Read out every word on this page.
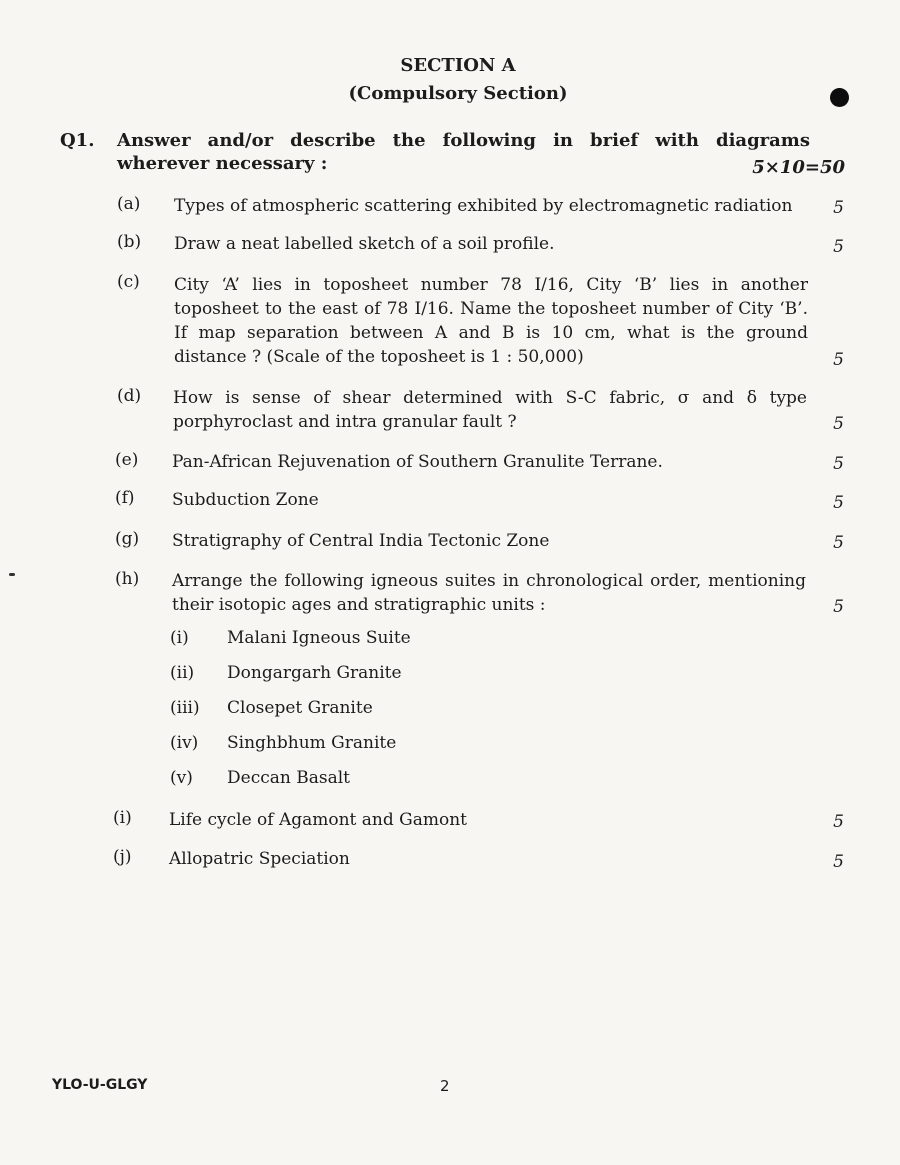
SECTION A
(Compulsory Section)
Q1. Answer and/or describe the following in brief with diagrams
wherever necessary :	5×10=50
(a) Types of atmospheric scattering exhibited by electromagnetic radiation	5
(b) Draw a neat labelled sketch of a soil profile.	5
(c) City ‘A’ lies in toposheet number 78 I/16, City ‘B’ lies in another
toposheet to the east of 78 I/16. Name the toposheet number of City ‘B’.
If map separation between A and B is 10 cm, what is the ground
distance ? (Scale of the toposheet is 1 : 50,000)	5
(d) How is sense of shear determined with S-C fabric, σ and δ type
porphyroclast and intra granular fault ?	5
(e) Pan-African Rejuvenation of Southern Granulite Terrane.	5
(f) Subduction Zone	5
(g) Stratigraphy of Central India Tectonic Zone	5
(h) Arrange the following igneous suites in chronological order, mentioning
their isotopic ages and stratigraphic units :	5
(i) Malani Igneous Suite
(ii) Dongargarh Granite
(iii) Closepet Granite
(iv) Singhbhum Granite
(v) Deccan Basalt
(i) Life cycle of Agamont and Gamont	5
(j) Allopatric Speciation	5
YLO-U-GLGY	2
